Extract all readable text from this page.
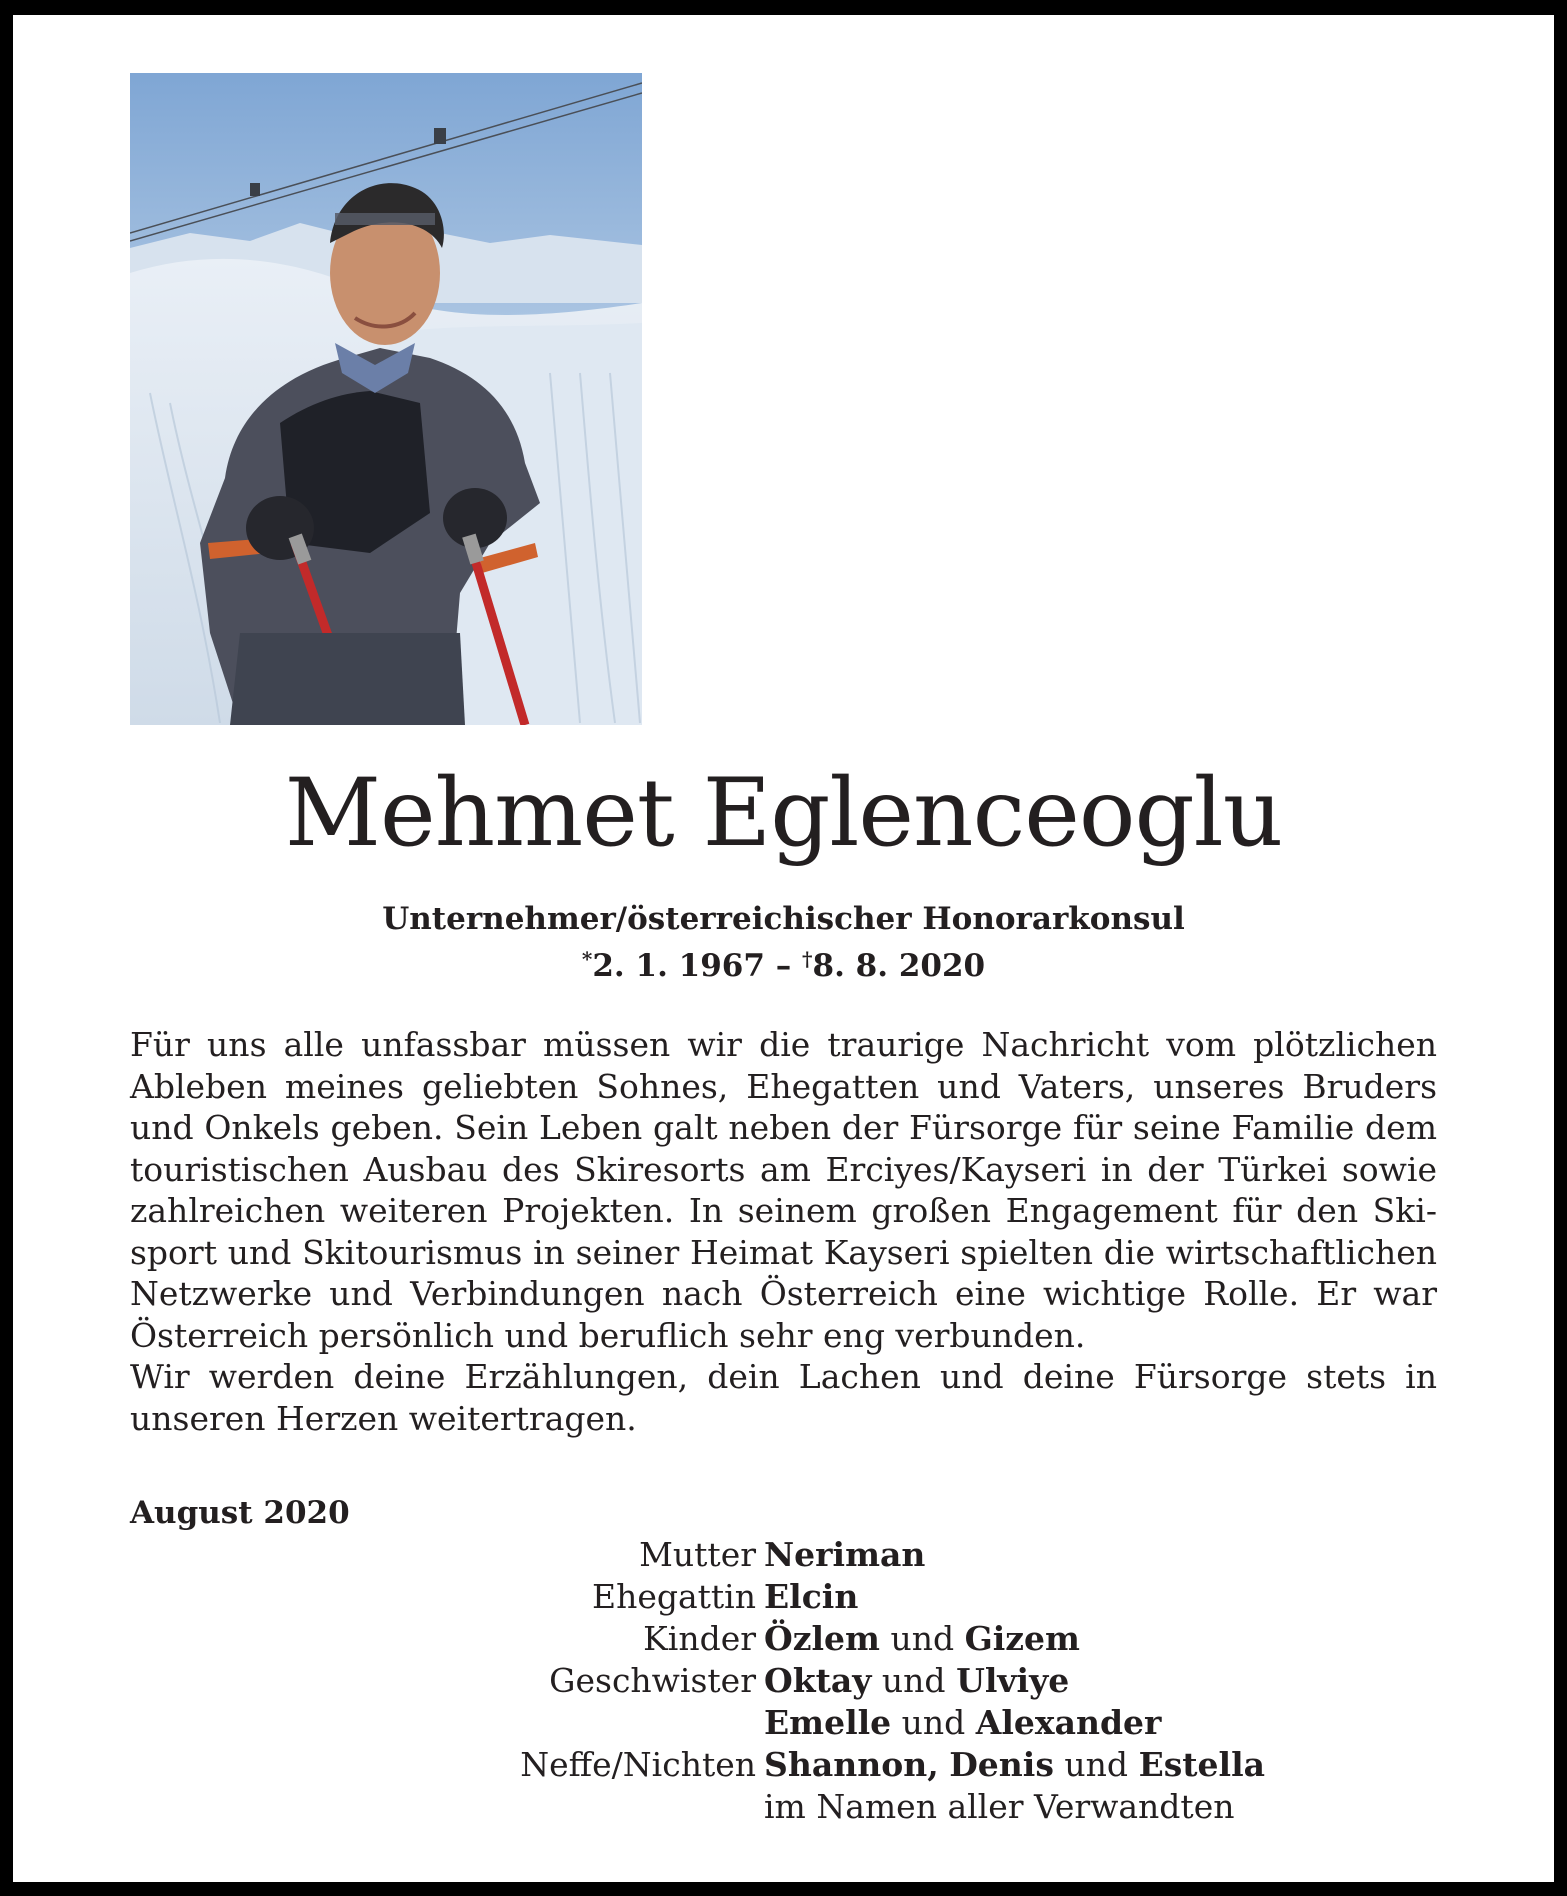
Mehmet Eglenceoglu
Unternehmer/österreichischer Honorarkonsul
*2. 1. 1967 – †8. 8. 2020

Für uns alle unfassbar müssen wir die traurige Nachricht vom plötzlichen Ableben meines geliebten Sohnes, Ehegatten und Vaters, unseres Bruders und Onkels geben. Sein Leben galt neben der Fürsorge für seine Familie dem touristischen Ausbau des Skiresorts am Erciyes/Kayseri in der Türkei sowie zahlreichen weiteren Projekten. In seinem großen Engagement für den Skisport und Skitourismus in seiner Heimat Kayseri spielten die wirtschaftlichen Netzwerke und Verbindungen nach Österreich eine wichtige Rolle. Er war Österreich persönlich und beruflich sehr eng verbunden.

Wir werden deine Erzählungen, dein Lachen und deine Fürsorge stets in unseren Herzen weitertragen.

August 2020
Mutter Neriman
Ehegattin Elcin
Kinder Özlem und Gizem
Geschwister Oktay und Ulviye
Emelle und Alexander
Neffe/Nichten Shannon, Denis und Estella
im Namen aller Verwandten
